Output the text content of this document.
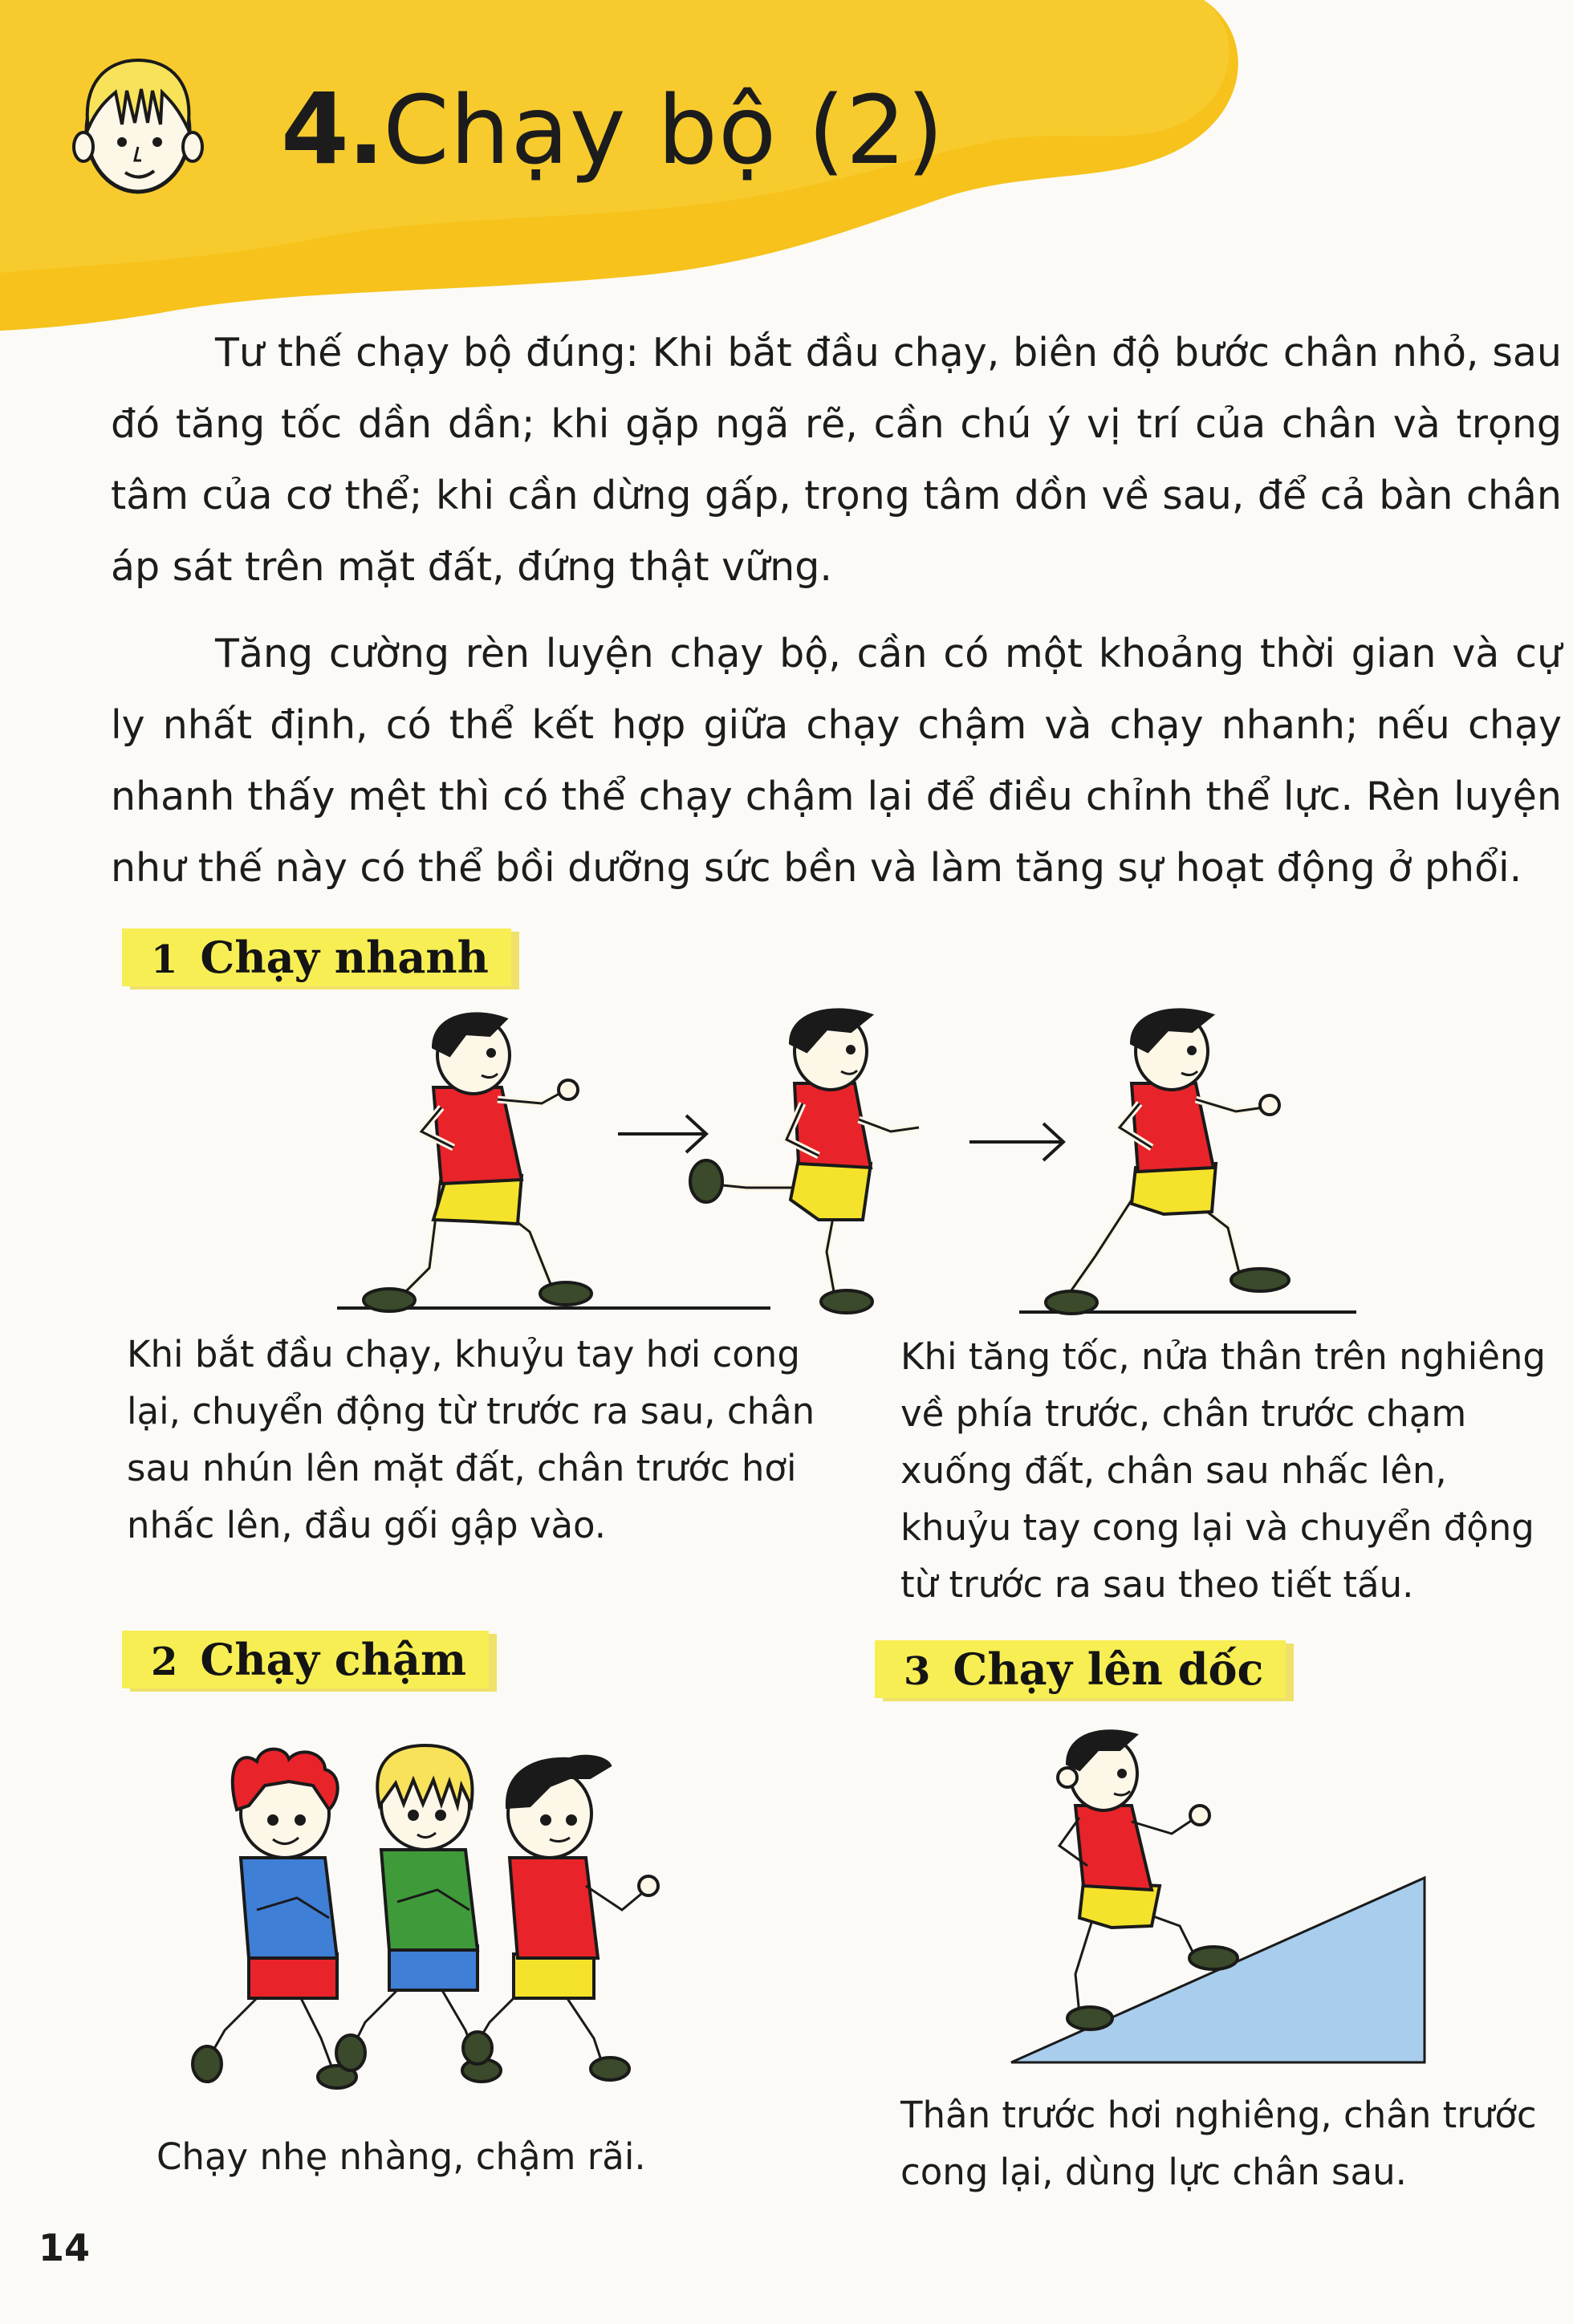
4.Chạy bộ (2)

Tư thế chạy bộ đúng: Khi bắt đầu chạy, biên độ bước chân nhỏ, sau đó tăng tốc dần dần; khi gặp ngã rẽ, cần chú ý vị trí của chân và trọng tâm của cơ thể; khi cần dừng gấp, trọng tâm dồn về sau, để cả bàn chân áp sát trên mặt đất, đứng thật vững.

Tăng cường rèn luyện chạy bộ, cần có một khoảng thời gian và cự ly nhất định, có thể kết hợp giữa chạy chậm và chạy nhanh; nếu chạy nhanh thấy mệt thì có thể chạy chậm lại để điều chỉnh thể lực. Rèn luyện như thế này có thể bồi dưỡng sức bền và làm tăng sự hoạt động ở phổi.

1 Chạy nhanh

Khi bắt đầu chạy, khuỷu tay hơi cong lại, chuyển động từ trước ra sau, chân sau nhún lên mặt đất, chân trước hơi nhấc lên, đầu gối gập vào.

Khi tăng tốc, nửa thân trên nghiêng về phía trước, chân trước chạm xuống đất, chân sau nhấc lên, khuỷu tay cong lại và chuyển động từ trước ra sau theo tiết tấu.

2 Chạy chậm

Chạy nhẹ nhàng, chậm rãi.

3 Chạy lên dốc

Thân trước hơi nghiêng, chân trước cong lại, dùng lực chân sau.

14
